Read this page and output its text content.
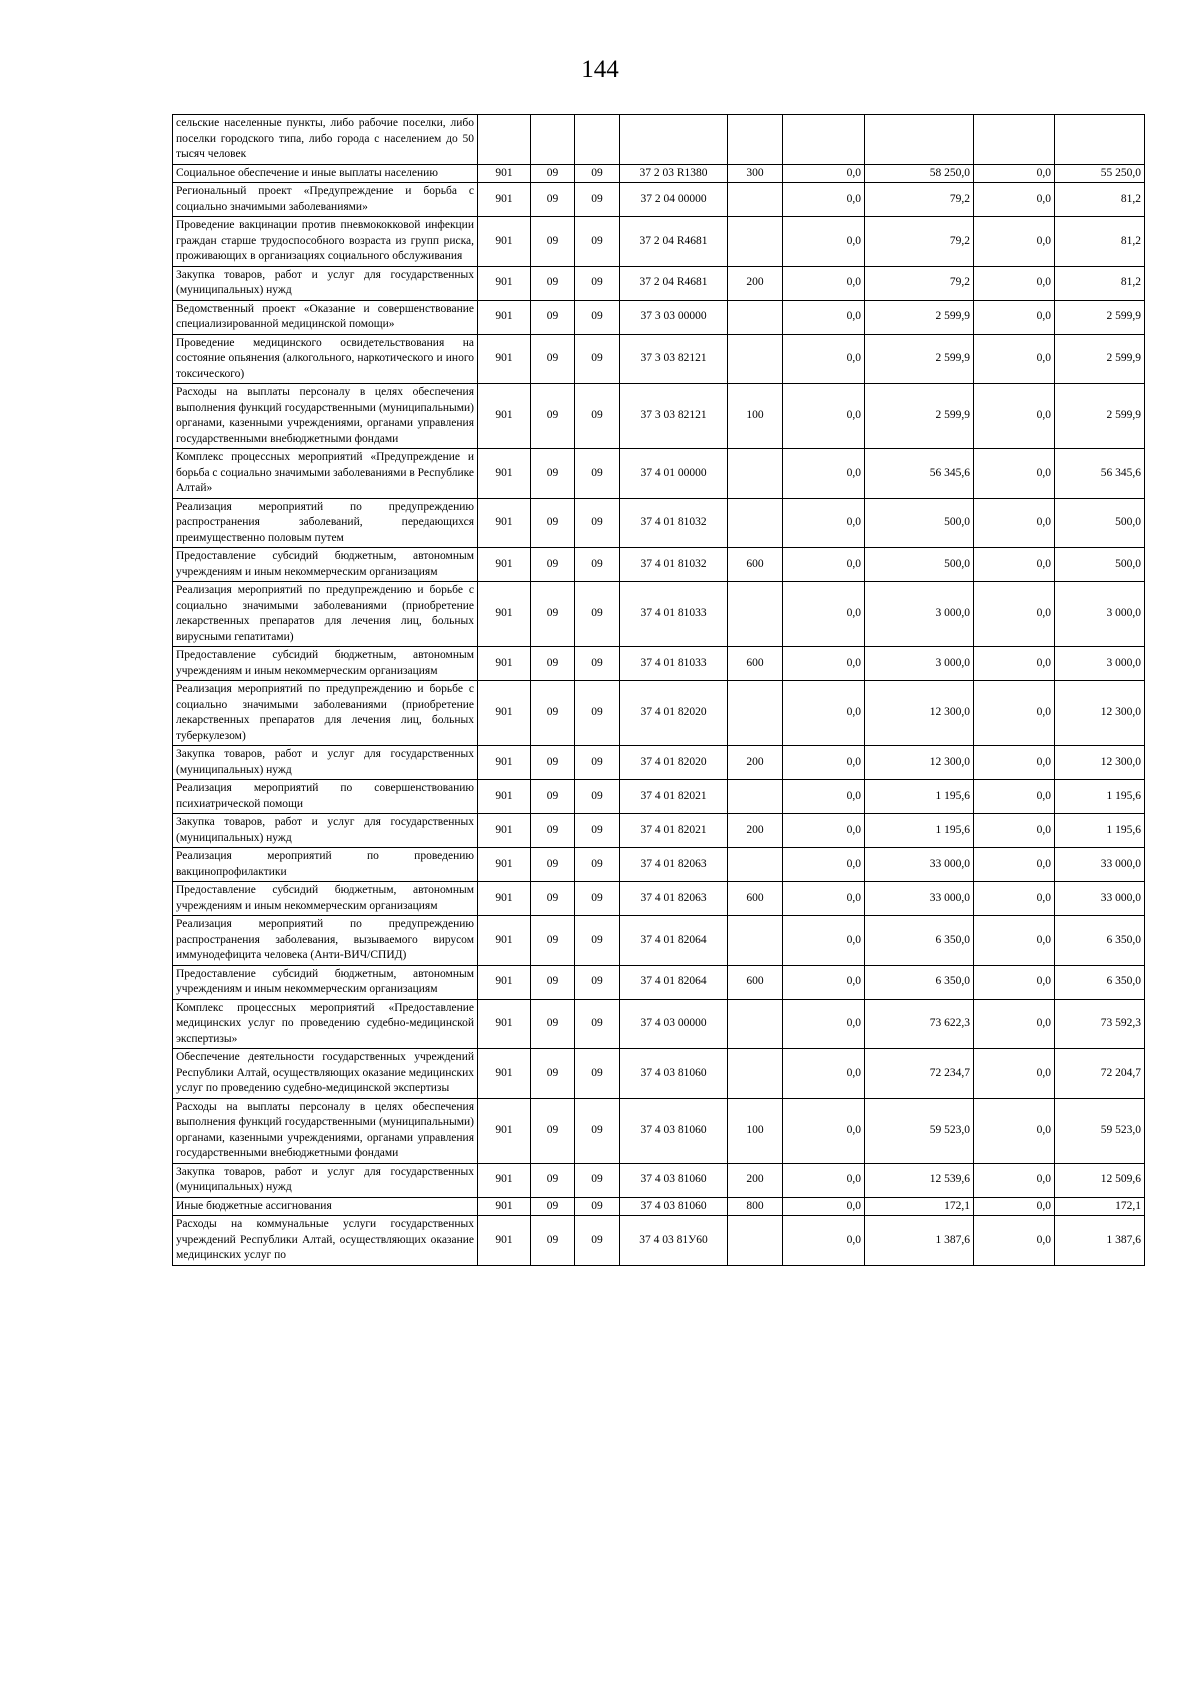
144
сельские населенные пункты, либо рабочие поселки, либо поселки городского типа, либо города с населением до 50 тысяч человек									
Социальное обеспечение и иные выплаты населению	901	09	09	37 2 03 R1380	300	0,0	58 250,0	0,0	55 250,0
Региональный проект «Предупреждение и борьба с социально значимыми заболеваниями»	901	09	09	37 2 04 00000		0,0	79,2	0,0	81,2
Проведение вакцинации против пневмококковой инфекции граждан старше трудоспособного возраста из групп риска, проживающих в организациях социального обслуживания	901	09	09	37 2 04 R4681		0,0	79,2	0,0	81,2
Закупка товаров, работ и услуг для государственных (муниципальных) нужд	901	09	09	37 2 04 R4681	200	0,0	79,2	0,0	81,2
Ведомственный проект «Оказание и совершенствование специализированной медицинской помощи»	901	09	09	37 3 03 00000		0,0	2 599,9	0,0	2 599,9
Проведение медицинского освидетельствования на состояние опьянения (алкогольного, наркотического и иного токсического)	901	09	09	37 3 03 82121		0,0	2 599,9	0,0	2 599,9
Расходы на выплаты персоналу в целях обеспечения выполнения функций государственными (муниципальными) органами, казенными учреждениями, органами управления государственными внебюджетными фондами	901	09	09	37 3 03 82121	100	0,0	2 599,9	0,0	2 599,9
Комплекс процессных мероприятий «Предупреждение и борьба с социально значимыми заболеваниями в Республике Алтай»	901	09	09	37 4 01 00000		0,0	56 345,6	0,0	56 345,6
Реализация мероприятий по предупреждению распространения заболеваний, передающихся преимущественно половым путем	901	09	09	37 4 01 81032		0,0	500,0	0,0	500,0
Предоставление субсидий бюджетным, автономным учреждениям и иным некоммерческим организациям	901	09	09	37 4 01 81032	600	0,0	500,0	0,0	500,0
Реализация мероприятий по предупреждению и борьбе с социально значимыми заболеваниями (приобретение лекарственных препаратов для лечения лиц, больных вирусными гепатитами)	901	09	09	37 4 01 81033		0,0	3 000,0	0,0	3 000,0
Предоставление субсидий бюджетным, автономным учреждениям и иным некоммерческим организациям	901	09	09	37 4 01 81033	600	0,0	3 000,0	0,0	3 000,0
Реализация мероприятий по предупреждению и борьбе с социально значимыми заболеваниями (приобретение лекарственных препаратов для лечения лиц, больных туберкулезом)	901	09	09	37 4 01 82020		0,0	12 300,0	0,0	12 300,0
Закупка товаров, работ и услуг для государственных (муниципальных) нужд	901	09	09	37 4 01 82020	200	0,0	12 300,0	0,0	12 300,0
Реализация мероприятий по совершенствованию психиатрической помощи	901	09	09	37 4 01 82021		0,0	1 195,6	0,0	1 195,6
Закупка товаров, работ и услуг для государственных (муниципальных) нужд	901	09	09	37 4 01 82021	200	0,0	1 195,6	0,0	1 195,6
Реализация мероприятий по проведению вакцинопрофилактики	901	09	09	37 4 01 82063		0,0	33 000,0	0,0	33 000,0
Предоставление субсидий бюджетным, автономным учреждениям и иным некоммерческим организациям	901	09	09	37 4 01 82063	600	0,0	33 000,0	0,0	33 000,0
Реализация мероприятий по предупреждению распространения заболевания, вызываемого вирусом иммунодефицита человека (Анти-ВИЧ/СПИД)	901	09	09	37 4 01 82064		0,0	6 350,0	0,0	6 350,0
Предоставление субсидий бюджетным, автономным учреждениям и иным некоммерческим организациям	901	09	09	37 4 01 82064	600	0,0	6 350,0	0,0	6 350,0
Комплекс процессных мероприятий «Предоставление медицинских услуг по проведению судебно-медицинской экспертизы»	901	09	09	37 4 03 00000		0,0	73 622,3	0,0	73 592,3
Обеспечение деятельности государственных учреждений Республики Алтай, осуществляющих оказание медицинских услуг по проведению судебно-медицинской экспертизы	901	09	09	37 4 03 81060		0,0	72 234,7	0,0	72 204,7
Расходы на выплаты персоналу в целях обеспечения выполнения функций государственными (муниципальными) органами, казенными учреждениями, органами управления государственными внебюджетными фондами	901	09	09	37 4 03 81060	100	0,0	59 523,0	0,0	59 523,0
Закупка товаров, работ и услуг для государственных (муниципальных) нужд	901	09	09	37 4 03 81060	200	0,0	12 539,6	0,0	12 509,6
Иные бюджетные ассигнования	901	09	09	37 4 03 81060	800	0,0	172,1	0,0	172,1
Расходы на коммунальные услуги государственных учреждений Республики Алтай, осуществляющих оказание медицинских услуг по	901	09	09	37 4 03 81У60		0,0	1 387,6	0,0	1 387,6
